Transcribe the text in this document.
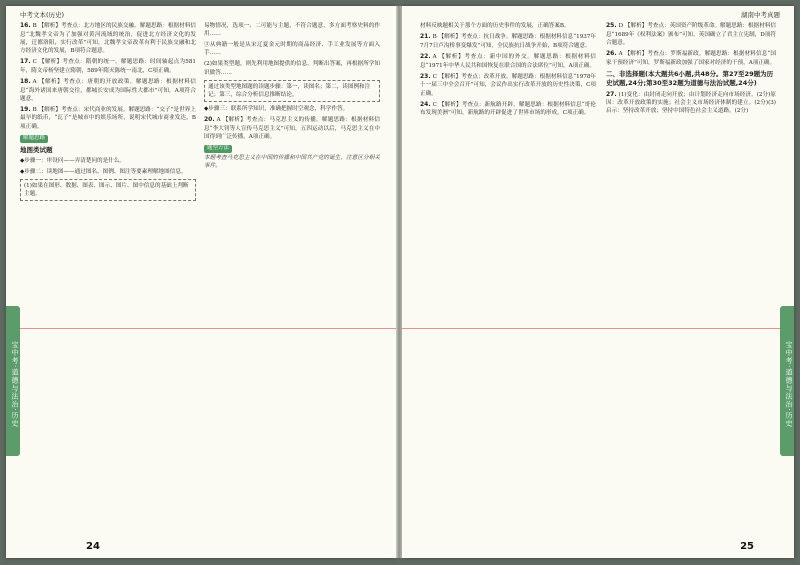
中考文本(历史)

16. B 【解析】考查点：北方地区的民族交融。解题思路：根据材料信息“北魏孝文帝为了加强对黄河流域的统治，促进北方经济文化的发展，迁都洛阳，实行改革”可知，北魏孝文帝改革有利于民族交融和北方经济文化的发展，B项符合题意。

17. C 【解析】考查点：隋朝的统一。解题思路：时间轴起点为581年，隋文帝杨坚建立隋朝，589年隋灭陈统一南北，C项正确。

18. A 【解析】考查点：唐朝的开放政策。解题思路：根据材料信息“海外诸国来唐朝交往，都城长安成为国际性大都市”可知，A项符合题意。

19. B 【解析】考查点：宋代商业的发展。解题思路：“交子”是世界上最早的纸币，“瓦子”是城市中的娱乐场所，说明宋代城市商业发达，B项正确。

解题思路
地图类试题

◆步骤一：审设问——弄清楚问的是什么。

◆步骤二：读地图——通过图名、图例、图注等要素理解地图信息。

(1)如果在图形、数据、图表、图示、图片、图中信息的基础上判断主题。

易物情况，选项一、二可能与主题，不符合题意，多方面考察史料的作用……

③从典籍一般是从宋辽夏金元时期的商品经济、手工业发展等方面入手……

(2)如果类型题，则先利用地图提供的信息，判断出答案，再根据所学知识做答……

通过该类型地图题的读题步骤：第一，读图名；第二，读图例和注记；第三，综合分析信息推断结论。

◆步骤三：联系所学知识，准确把握时空观念，科学作答。

20. A 【解析】考查点：马克思主义的传播。解题思路：根据材料信息“李大钊等人宣传马克思主义”可知，五四运动以后，马克思主义在中国得到广泛传播，A项正确。

题型方法

本题考查马克思主义在中国的传播和中国共产党的诞生，注意区分相关事件。

宝中考·道德与法治·历史
24
湖南中考真题

材料反映题相关于那个方面的历史事件的发展，正确答案B。

21. B 【解析】考查点：抗日战争。解题思路：根据材料信息“1937年7月7日卢沟桥事变爆发”可知，全民族抗日战争开始，B项符合题意。

22. A 【解析】考查点：新中国的外交。解题思路：根据材料信息“1971年中华人民共和国恢复在联合国的合法席位”可知，A项正确。

23. C 【解析】考查点：改革开放。解题思路：根据材料信息“1978年十一届三中全会召开”可知，会议作出实行改革开放的历史性决策，C项正确。

24. C 【解析】考查点：新航路开辟。解题思路：根据材料信息“哥伦布发现美洲”可知，新航路的开辟促进了世界市场的形成，C项正确。

25. D 【解析】考查点：英国资产阶级革命。解题思路：根据材料信息“1689年《权利法案》颁布”可知，英国确立了君主立宪制，D项符合题意。

26. A 【解析】考查点：罗斯福新政。解题思路：根据材料信息“国家干预经济”可知，罗斯福新政加强了国家对经济的干预，A项正确。

二、非选择题(本大题共6小题,共48分。第27至29题为历史试题,24分;第30至32题为道德与法治试题,24分)

27. (1)变化：由封闭走向开放；由计划经济走向市场经济。(2分)原因：改革开放政策的实施；社会主义市场经济体制的建立。(2分)(3)启示：坚持改革开放；坚持中国特色社会主义道路。(2分)

宝中考·道德与法治·历史
25
